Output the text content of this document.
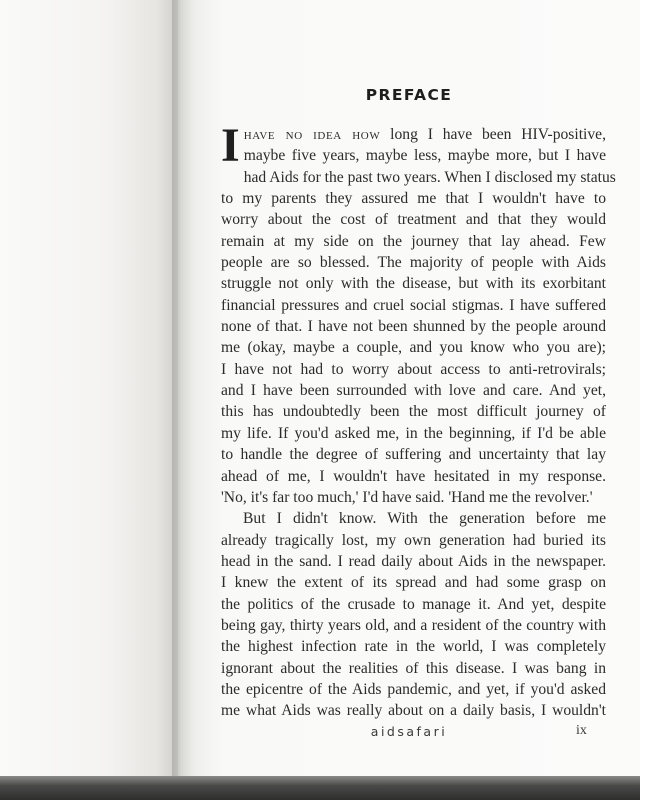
PREFACE
I have no idea how long I have been HIV-positive,
maybe five years, maybe less, maybe more, but I have
had Aids for the past two years. When I disclosed my status
to my parents they assured me that I wouldn't have to
worry about the cost of treatment and that they would
remain at my side on the journey that lay ahead. Few
people are so blessed. The majority of people with Aids
struggle not only with the disease, but with its exorbitant
financial pressures and cruel social stigmas. I have suffered
none of that. I have not been shunned by the people around
me (okay, maybe a couple, and you know who you are);
I have not had to worry about access to anti-retrovirals;
and I have been surrounded with love and care. And yet,
this has undoubtedly been the most difficult journey of
my life. If you'd asked me, in the beginning, if I'd be able
to handle the degree of suffering and uncertainty that lay
ahead of me, I wouldn't have hesitated in my response.
'No, it's far too much,' I'd have said. 'Hand me the revolver.'
But I didn't know. With the generation before me
already tragically lost, my own generation had buried its
head in the sand. I read daily about Aids in the newspaper.
I knew the extent of its spread and had some grasp on
the politics of the crusade to manage it. And yet, despite
being gay, thirty years old, and a resident of the country with
the highest infection rate in the world, I was completely
ignorant about the realities of this disease. I was bang in
the epicentre of the Aids pandemic, and yet, if you'd asked
me what Aids was really about on a daily basis, I wouldn't
aidsafari	ix
